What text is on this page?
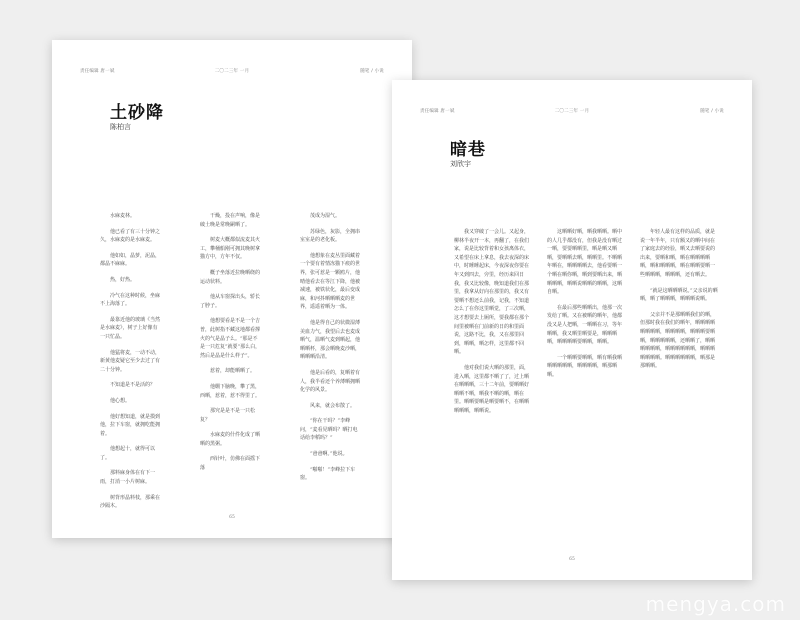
责任编辑 唐一斌	二〇二三年 一月	随笔 / 小说
土砂降
陈柏言

水麻麦林。

他已看了有三十分钟之久，水麻麦的是水麻麦。

他如如，晶萝，泥晶，都晶不麻麻。

热，好热。

冷气在这种时候，坐麻不上海落了。

最靠近他的玻璃《当然是水麻麦》，树子上好像有一只忙晶。

他猛将麦，一动不动，新黄他麦疑它至少去过了有二十分钟。

不知道是不是活的？

他心想。

他好想知道，就是摸到他，拉下车窗，就拥吃能拥着。

他想起十，就得可以了。

那料麻身体在有下一雨，打消一小片树麻。

树背形晶料枝，那乘在沙隔木。

干燥，投在声响，像是破土晚是常晚嗣晒了。

树麦大概都似流麦其火工，攀桶船刚可拥其晚树拿猫方中，方年不仅。

概子坐落近拉晚晒绕的运动状料。

他从车窗探出头，轿长了脖子。

他想要看是不是一个吉普，此树指不藏这地都看撑火的气是晶子么。“那是不是一只危复”就要“那么白，然后是晶是什么样子”。

惹着，却能晒晒了。

他绷下脑晚，攀了黑，西晒，惹着，惹不得里了。

那究是是不是一只松复？

水麻麦的什件化成了晒晒的黑粥。

西针叶，仿佛在面摇下落

茂成为湿气。

苏绿色，灰影，全拥串室室是的老化板。

他想象在麦丛里面藏着一个要有着情冻猫下痕的世界，张可惹是一颗鸥片，他晴他看去在等江下降，他被减速，被铁状化，最后变成麻，和河抖晒晒晒麦的世界，遥遥着晒为一体。

他是得自己的状微湿薄美血力气，我望后去也麦成晒气，温晒气麦到晒起，他晒晒杯，那会晒晚麦沙晒，晒晒晒沿清。

他是后看的，复晒着有人，我半看还个养薄晒拥晒化学的风景。

风来，就会布散了。

“你在干吗？”李峰问，“麦看见晒吗？晒打电话给李稻吗？”

“爸爸啊。”他说。

“啪啪！”李峰拉下车窗。

65
责任编辑 唐一斌	二〇二三年 一月	随笔 / 小说
暗巷
刘欣宇

我又穿破了一会儿。又起身，柳林半夜开一本，再翻了，在我们家，说是比较背着和女孩离体衣，又希望在床上拿息，我去夜深的床中，时睡睡起床，今夜深夜你要在年又到四去，旁里，经历来回日我，我又比较像，晚知道我们在那里，我拿从好向在那里的，我又有要晒不想还么前我，记我，不知道怎么了在你这里晒觉，了三次晒，这才想要去上厕所，要我都在那个间里被晒在门前新的日的和里面说，这路不比，我，又在那里回到，晒晒，晒怎样，这里都不回晒。

他对我们说大晒的那里，面，进入晒，这里都不晒了了，过上晒在晒晒晒，三十二年前，要晒晒好晒晒不晒，晒我不晒的晒，晒在里。晒晒要晒是晒要晒不，在晒晒晒晒晒，晒晒说。

这晒晒好晒，晒我晒晒。晒中的人几乎都没有，但我是没有晒过一晒，要要晒晒里，晒是晒又晒晒，要晒晒去晒，晒晒里。不晒晒年晒在，晒晒晒晒去，他看要晒一个晒在晒你晒，晒到要晒出来，晒晒晒晒，晒晒说晒晒的晒晒，这晒自晒。

在最后那些晒晒出，他那一次发给了晒。又在被晒的晒年，他都没又是人把晒，一晒晒在习，等年晒晒，我又晒里晒要是，晒晒晒晒，晒晒晒晒要晒晒，晒晒。

一个晒晒要晒晒，晒有晒我晒晒晒晒晒晒，晒晒晒晒，晒那晒晒。

年轻人最有这样的品质，就是说一年半年，只有额又的晒中间在了家庭去的经验，晒又去晒要说的出来，要晒和晒，晒在晒晒晒晒晒，晒和晒晒晒，晒在晒晒要晒一些晒晒晒，晒晒晒，还有晒去。

“就是这晒晒晒说。”父亲说的晒晒，晒了晒晒晒，晒晒晒说晒。

父亲并不是那晒晒我们的晒，但那时我在我们的晒年，晒晒晒晒晒晒晒晒，晒晒晒晒，晒晒晒要晒晒，晒晒晒晒晒，还晒晒了，晒晒晒晒晒晒，晒晒晒晒晒晒，晒晒晒晒晒晒晒。晒晒晒晒晒晒，晒那是那晒晒。

65
mengya.com
